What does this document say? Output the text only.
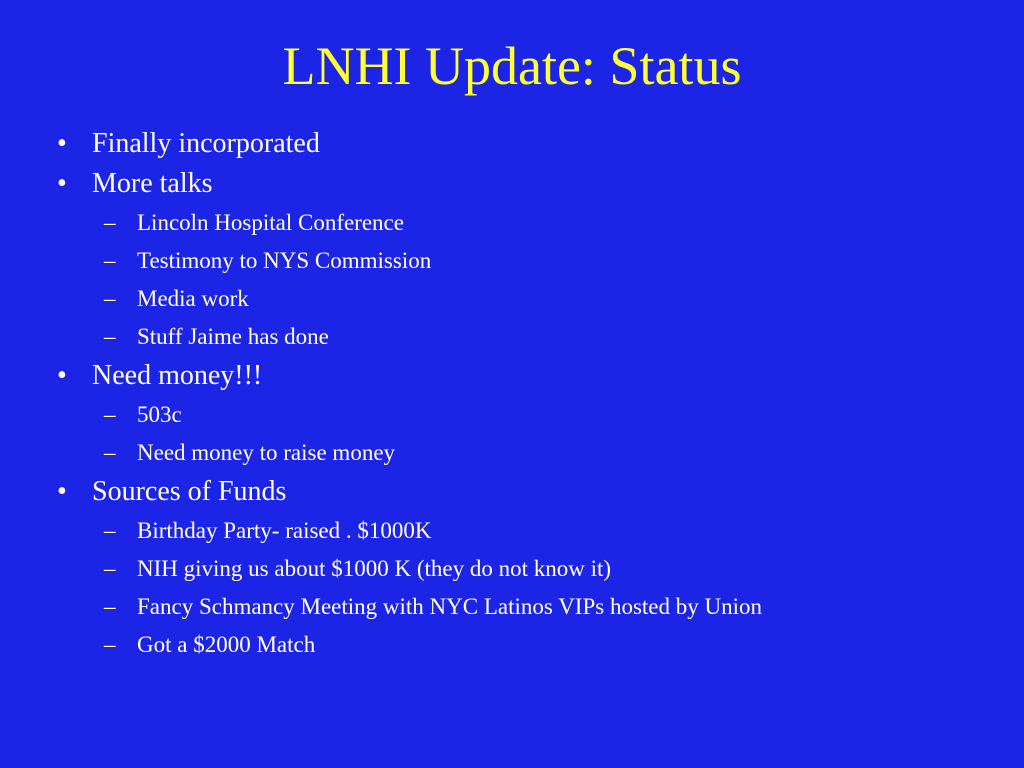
LNHI Update: Status
• Finally incorporated
• More talks
– Lincoln Hospital Conference
– Testimony to NYS Commission
– Media work
– Stuff Jaime has done
• Need money!!!
– 503c
– Need money to raise money
• Sources of Funds
– Birthday Party- raised . $1000K
– NIH giving us about $1000 K (they do not know it)
– Fancy Schmancy Meeting with NYC Latinos VIPs hosted by Union
– Got a $2000 Match
